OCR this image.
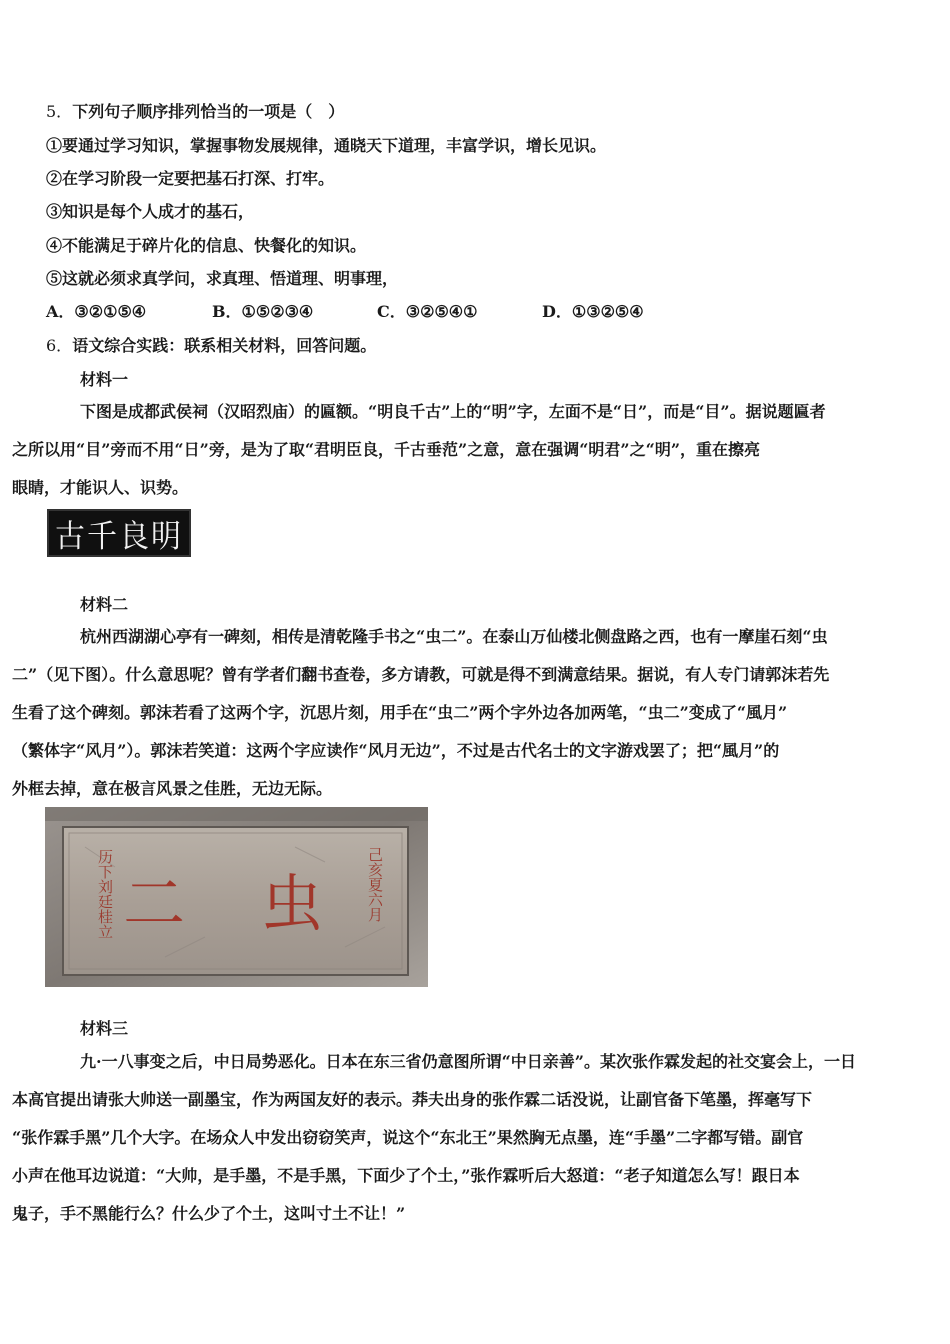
5．下列句子顺序排列恰当的一项是（　）
①要通过学习知识，掌握事物发展规律，通晓天下道理，丰富学识，增长见识。
②在学习阶段一定要把基石打深、打牢。
③知识是每个人成才的基石，
④不能满足于碎片化的信息、快餐化的知识。
⑤这就必须求真学问，求真理、悟道理、明事理，
A．③②①⑤④	B．①⑤②③④	C．③②⑤④①	D．①③②⑤④
6．语文综合实践：联系相关材料，回答问题。
材料一
下图是成都武侯祠（汉昭烈庙）的匾额。“明良千古”上的“明”字，左面不是“日”，而是“目”。据说题匾者
之所以用“目”旁而不用“日”旁，是为了取“君明臣良，千古垂范”之意，意在强调“明君”之“明”，重在擦亮
眼睛，才能识人、识势。
古千良明
材料二
杭州西湖湖心亭有一碑刻，相传是清乾隆手书之“虫二”。在泰山万仙楼北侧盘路之西，也有一摩崖石刻“虫
二”（见下图）。什么意思呢？曾有学者们翻书查卷，多方请教，可就是得不到满意结果。据说，有人专门请郭沫若先
生看了这个碑刻。郭沫若看了这两个字，沉思片刻，用手在“虫二”两个字外边各加两笔，“虫二”变成了“風月”
（繁体字“风月”）。郭沫若笑道：这两个字应读作“风月无边”，不过是古代名士的文字游戏罢了；把“風月”的
外框去掉，意在极言风景之佳胜，无边无际。
历下刘廷桂立	己亥夏六月
二 虫
材料三
九·一八事变之后，中日局势恶化。日本在东三省仍意图所谓“中日亲善”。某次张作霖发起的社交宴会上，一日
本高官提出请张大帅送一副墨宝，作为两国友好的表示。莽夫出身的张作霖二话没说，让副官备下笔墨，挥毫写下
“张作霖手黑”几个大字。在场众人中发出窃窃笑声，说这个“东北王”果然胸无点墨，连“手墨”二字都写错。副官
小声在他耳边说道：“大帅，是手墨，不是手黑，下面少了个土，”张作霖听后大怒道：“老子知道怎么写！跟日本
鬼子，手不黑能行么？什么少了个土，这叫寸土不让！”
